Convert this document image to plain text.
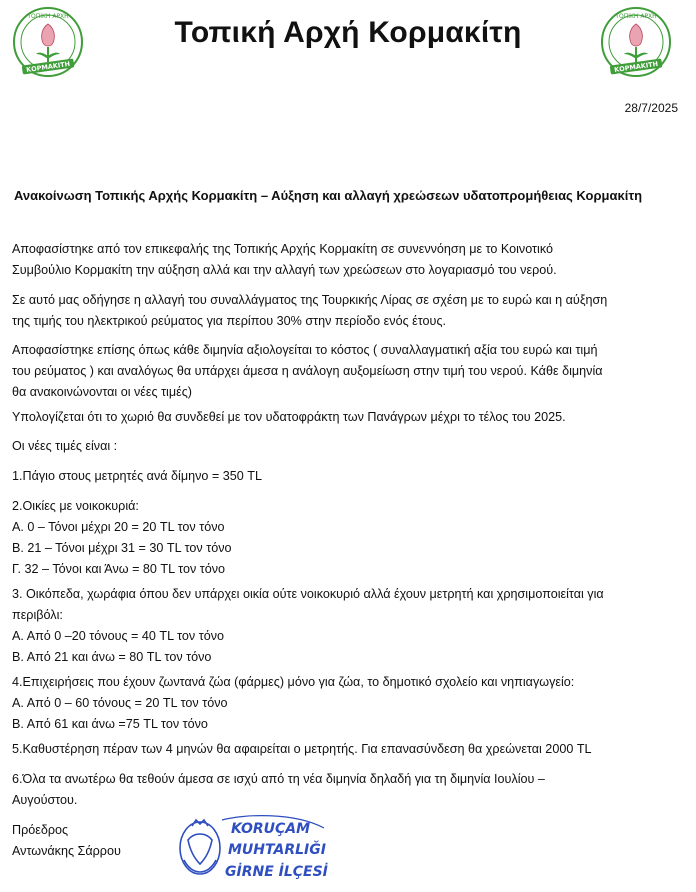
ΤΟΠΙΚΗ ΑΡΧΗ
ΚΟΡΜΑΚΙΤΗ
ΤΟΠΙΚΗ ΑΡΧΗ
ΚΟΡΜΑΚΙΤΗ
Τοπική Αρχή Κορμακίτη
28/7/2025
Ανακοίνωση Τοπικής Αρχής Κορμακίτη – Αύξηση και αλλαγή χρεώσεων υδατοπρομήθειας Κορμακίτη
Αποφασίστηκε από τον επικεφαλής της Τοπικής Αρχής Κορμακίτη σε συνεννόηση με το Κοινοτικό
Συμβούλιο Κορμακίτη την αύξηση αλλά και την αλλαγή των χρεώσεων στο λογαριασμό του νερού.
Σε αυτό μας οδήγησε η αλλαγή του συναλλάγματος της Τουρκικής Λίρας σε σχέση με το ευρώ και η αύξηση
της τιμής του ηλεκτρικού ρεύματος για περίπου 30% στην περίοδο ενός έτους.
Αποφασίστηκε επίσης όπως κάθε διμηνία αξιολογείται το κόστος ( συναλλαγματική αξία του ευρώ και τιμή
του ρεύματος ) και αναλόγως θα υπάρχει άμεσα η ανάλογη αυξομείωση στην τιμή του νερού. Κάθε διμηνία
θα ανακοινώνονται οι νέες τιμές)
Υπολογίζεται ότι το χωριό θα συνδεθεί με τον υδατοφράκτη των Πανάγρων μέχρι το τέλος του 2025.
Οι νέες τιμές είναι :
1.Πάγιο στους μετρητές ανά δίμηνο = 350 TL
2.Οικίες με νοικοκυριά:
Α. 0 – Τόνοι μέχρι 20 = 20 TL τον τόνο
Β. 21 – Τόνοι μέχρι 31 = 30 TL τον τόνο
Γ. 32 – Τόνοι και Άνω = 80 TL τον τόνο
3. Οικόπεδα, χωράφια όπου δεν υπάρχει οικία ούτε νοικοκυριό αλλά έχουν μετρητή και χρησιμοποιείται για
περιβόλι:
Α. Από 0 –20 τόνους = 40 TL τον τόνο
Β. Από 21 και άνω = 80 TL τον τόνο
4.Επιχειρήσεις που έχουν ζωντανά ζώα (φάρμες) μόνο για ζώα, το δημοτικό σχολείο και νηπιαγωγείο:
Α. Από 0 – 60 τόνους = 20 TL τον τόνο
Β. Από 61 και άνω =75 TL τον τόνο
5.Καθυστέρηση πέραν των 4 μηνών θα αφαιρείται ο μετρητής. Για επανασύνδεση θα χρεώνεται 2000 TL
6.Όλα τα ανωτέρω θα τεθούν άμεσα σε ισχύ από τη νέα διμηνία δηλαδή για τη διμηνία Ιουλίου –
Αυγούστου.
Πρόεδρος
Αντωνάκης Σάρρου
KORUÇAM
MUHTARLIĞI
GİRNE İLÇESİ
